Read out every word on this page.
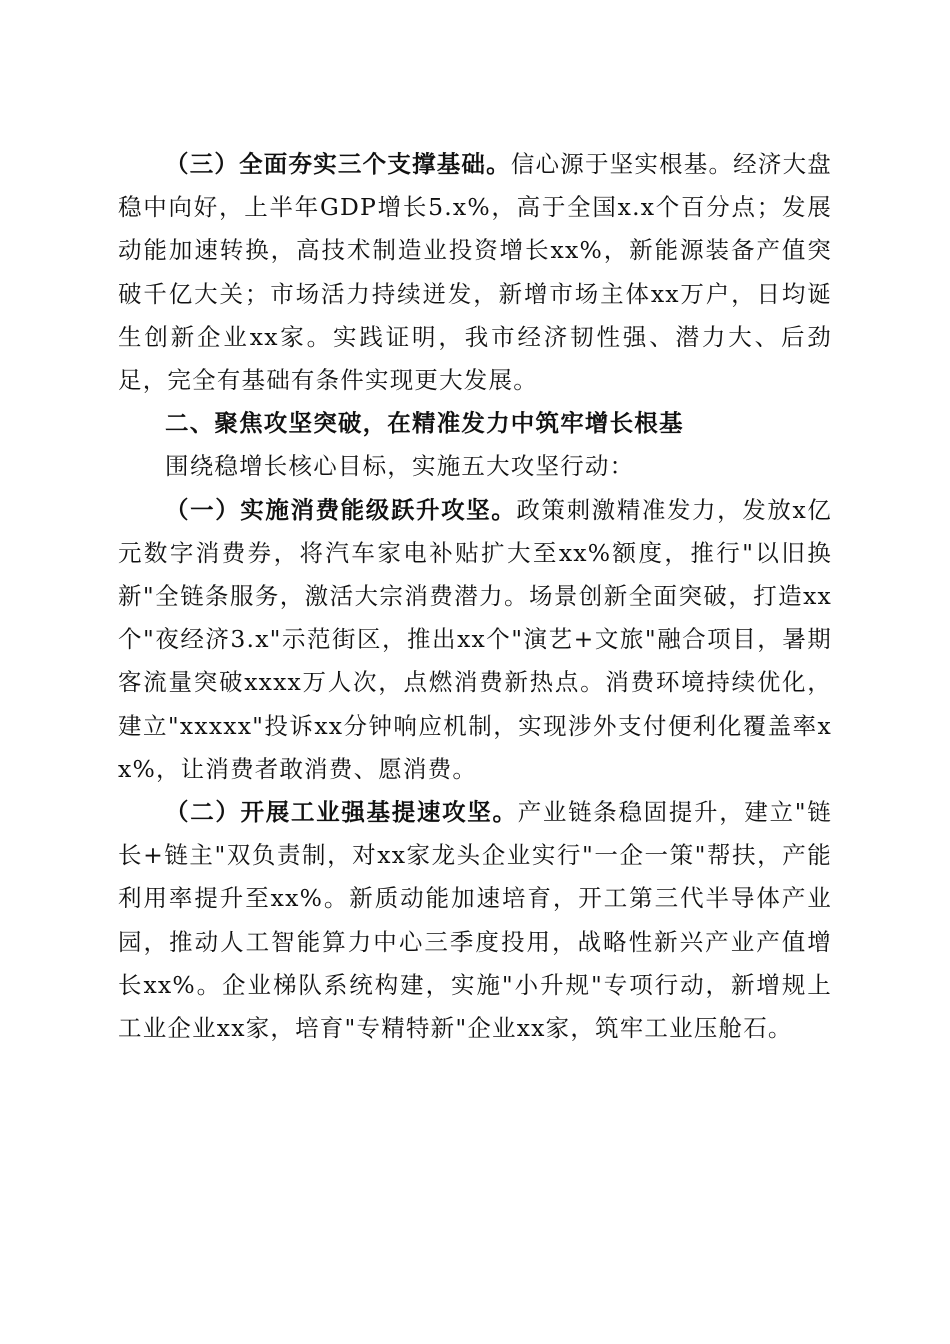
（三）全面夯实三个支撑基础。信心源于坚实根基。经济大盘稳中向好，上半年GDP增长5.x%，高于全国x.x个百分点；发展动能加速转换，高技术制造业投资增长xx%，新能源装备产值突破千亿大关；市场活力持续迸发，新增市场主体xx万户，日均诞生创新企业xx家。实践证明，我市经济韧性强、潜力大、后劲足，完全有基础有条件实现更大发展。

二、聚焦攻坚突破，在精准发力中筑牢增长根基

围绕稳增长核心目标，实施五大攻坚行动：

（一）实施消费能级跃升攻坚。政策刺激精准发力，发放x亿元数字消费券，将汽车家电补贴扩大至xx%额度，推行"以旧换新"全链条服务，激活大宗消费潜力。场景创新全面突破，打造xx个"夜经济3.x"示范街区，推出xx个"演艺+文旅"融合项目，暑期客流量突破xxxx万人次，点燃消费新热点。消费环境持续优化，建立"xxxxx"投诉xx分钟响应机制，实现涉外支付便利化覆盖率xx%，让消费者敢消费、愿消费。

（二）开展工业强基提速攻坚。产业链条稳固提升，建立"链长+链主"双负责制，对xx家龙头企业实行"一企一策"帮扶，产能利用率提升至xx%。新质动能加速培育，开工第三代半导体产业园，推动人工智能算力中心三季度投用，战略性新兴产业产值增长xx%。企业梯队系统构建，实施"小升规"专项行动，新增规上工业企业xx家，培育"专精特新"企业xx家，筑牢工业压舱石。
